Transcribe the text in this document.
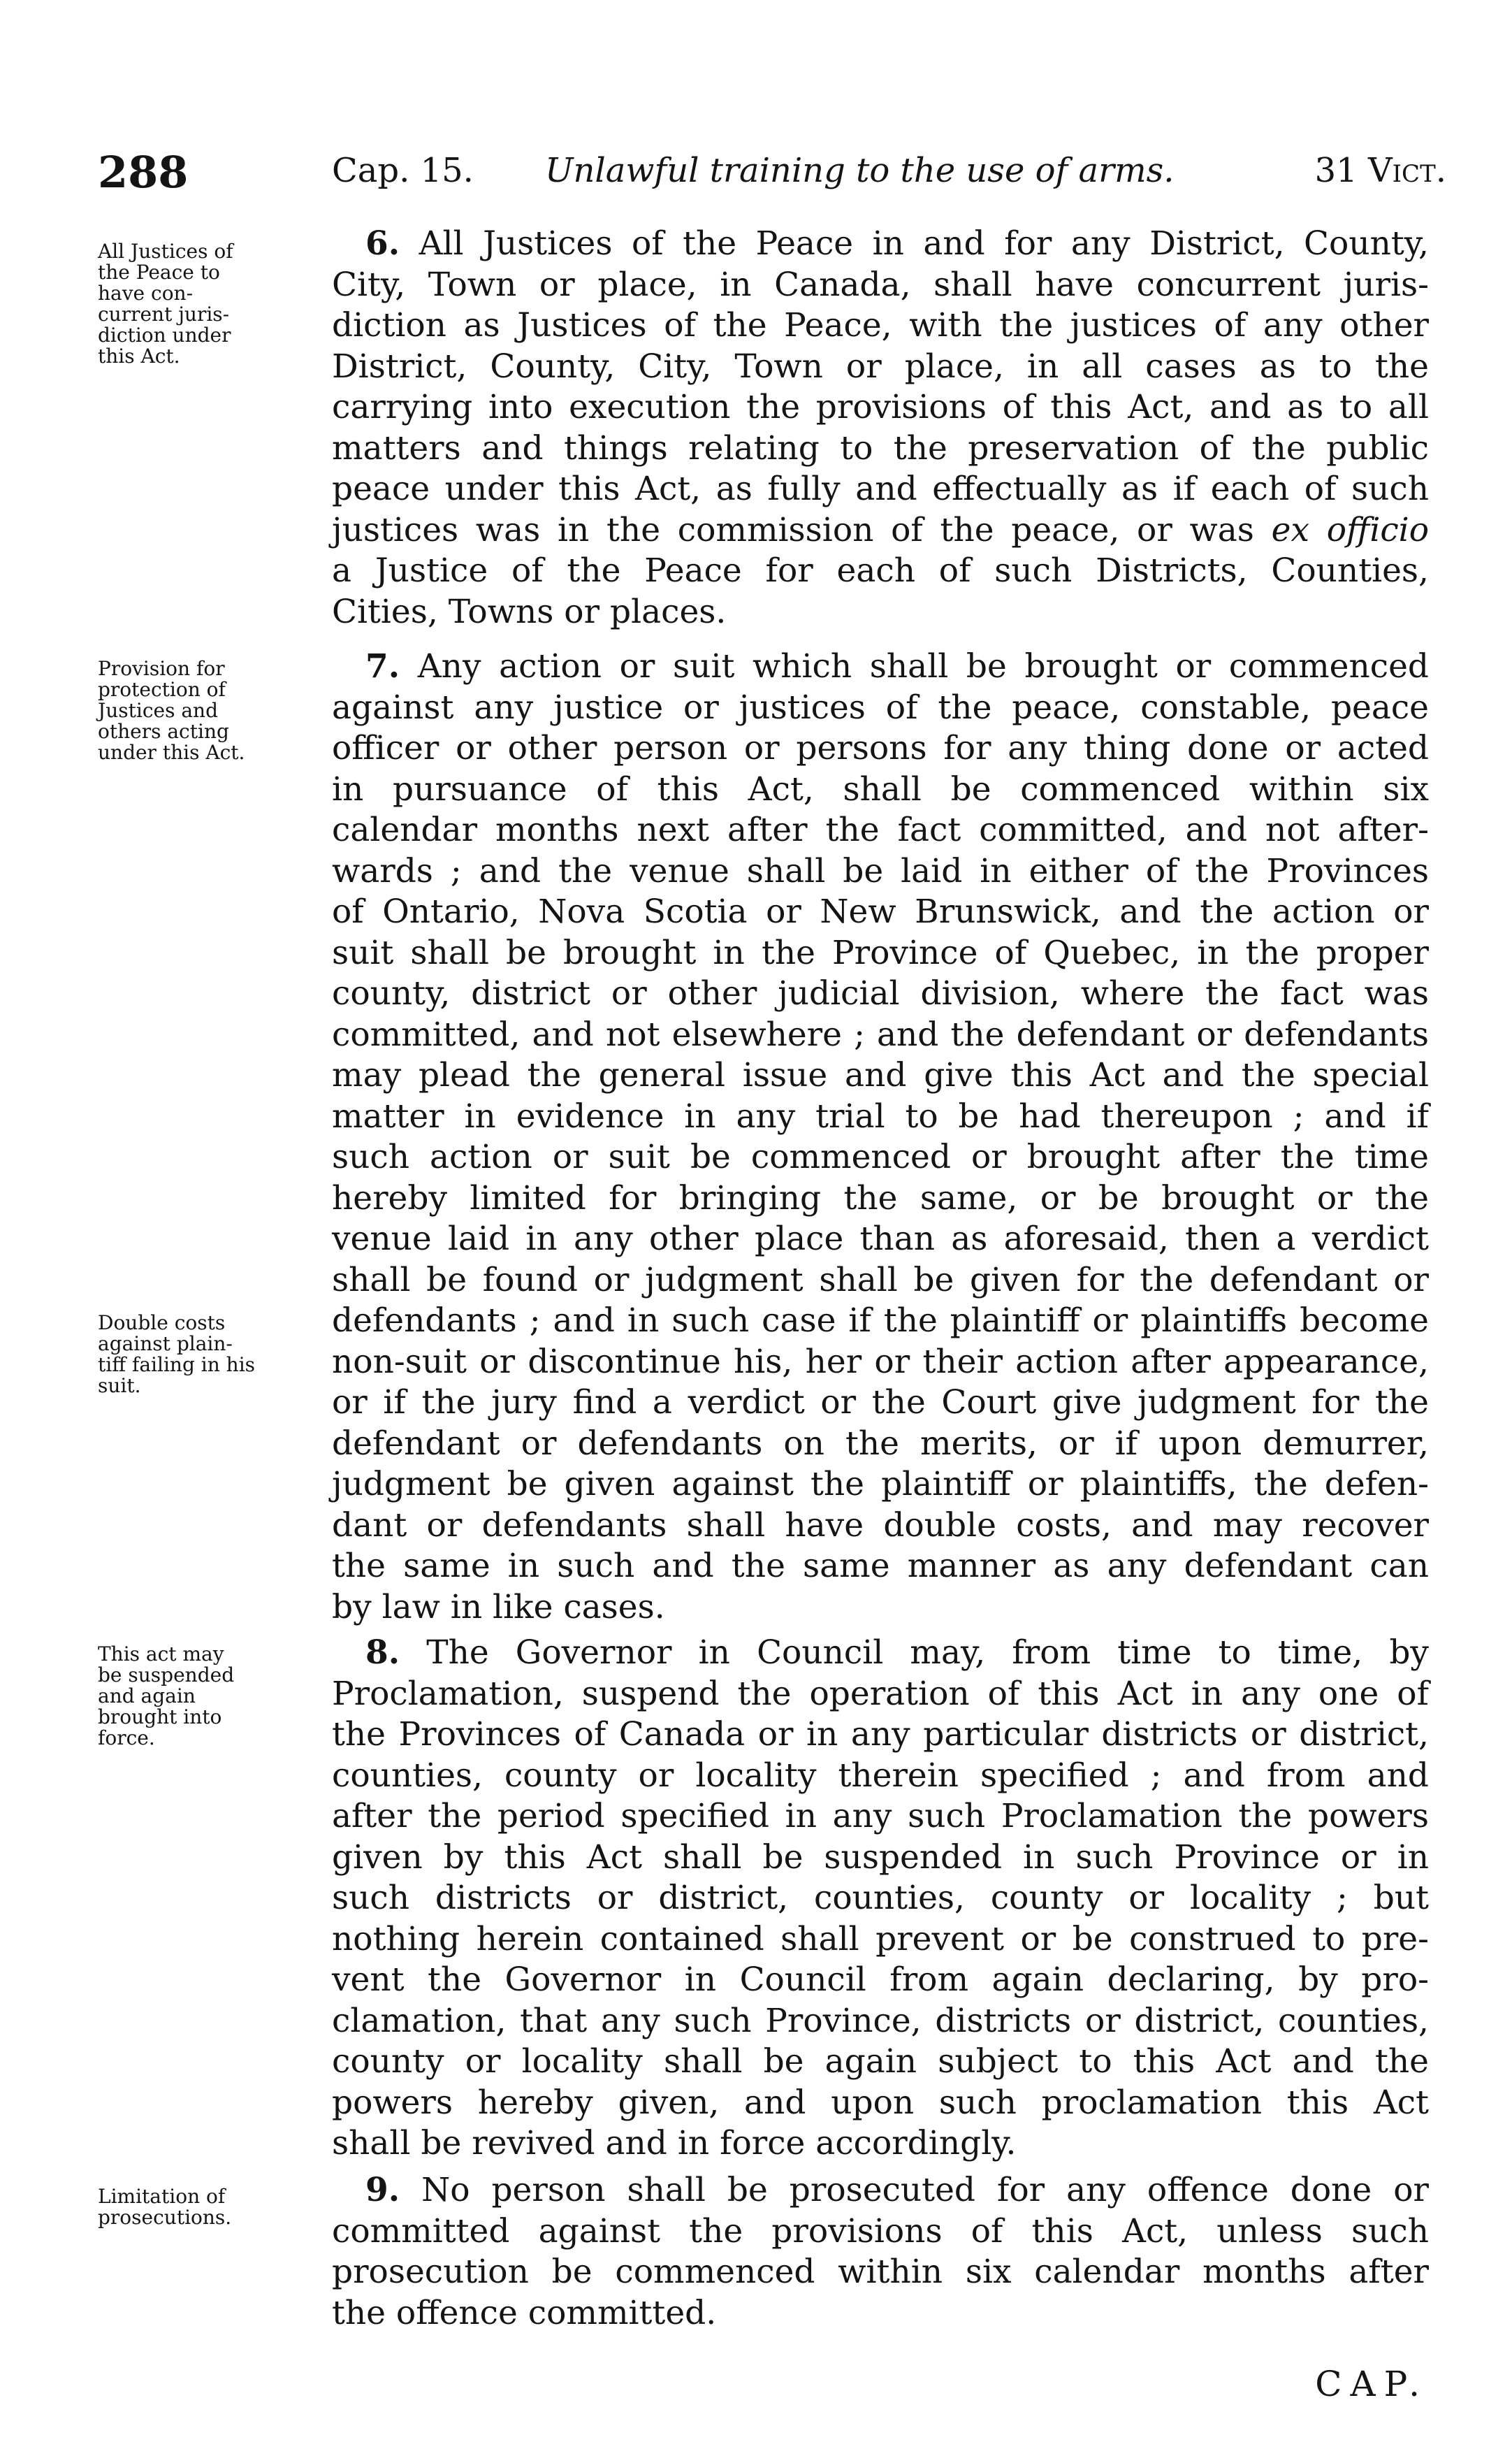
288	Cap. 15. Unlawful training to the use of arms.	31 Vict.
All Justices of
the Peace to
have con-
current juris-
diction under
this Act.
6. All Justices of the Peace in and for any District, County,
City, Town or place, in Canada, shall have concurrent juris-
diction as Justices of the Peace, with the justices of any other
District, County, City, Town or place, in all cases as to the
carrying into execution the provisions of this Act, and as to all
matters and things relating to the preservation of the public
peace under this Act, as fully and effectually as if each of such
justices was in the commission of the peace, or was ex officio
a Justice of the Peace for each of such Districts, Counties,
Cities, Towns or places.
Provision for
protection of
Justices and
others acting
under this Act.
Double costs
against plain-
tiff failing in his
suit.
7. Any action or suit which shall be brought or commenced
against any justice or justices of the peace, constable, peace
officer or other person or persons for any thing done or acted
in pursuance of this Act, shall be commenced within six
calendar months next after the fact committed, and not after-
wards ; and the venue shall be laid in either of the Provinces
of Ontario, Nova Scotia or New Brunswick, and the action or
suit shall be brought in the Province of Quebec, in the proper
county, district or other judicial division, where the fact was
committed, and not elsewhere ; and the defendant or defendants
may plead the general issue and give this Act and the special
matter in evidence in any trial to be had thereupon ; and if
such action or suit be commenced or brought after the time
hereby limited for bringing the same, or be brought or the
venue laid in any other place than as aforesaid, then a verdict
shall be found or judgment shall be given for the defendant or
defendants ; and in such case if the plaintiff or plaintiffs become
non-suit or discontinue his, her or their action after appearance,
or if the jury find a verdict or the Court give judgment for the
defendant or defendants on the merits, or if upon demurrer,
judgment be given against the plaintiff or plaintiffs, the defen-
dant or defendants shall have double costs, and may recover
the same in such and the same manner as any defendant can
by law in like cases.
This act may
be suspended
and again
brought into
force.
8. The Governor in Council may, from time to time, by
Proclamation, suspend the operation of this Act in any one of
the Provinces of Canada or in any particular districts or district,
counties, county or locality therein specified ; and from and
after the period specified in any such Proclamation the powers
given by this Act shall be suspended in such Province or in
such districts or district, counties, county or locality ; but
nothing herein contained shall prevent or be construed to pre-
vent the Governor in Council from again declaring, by pro-
clamation, that any such Province, districts or district, counties,
county or locality shall be again subject to this Act and the
powers hereby given, and upon such proclamation this Act
shall be revived and in force accordingly.
Limitation of
prosecutions.
9. No person shall be prosecuted for any offence done or
committed against the provisions of this Act, unless such
prosecution be commenced within six calendar months after
the offence committed.
CAP.
